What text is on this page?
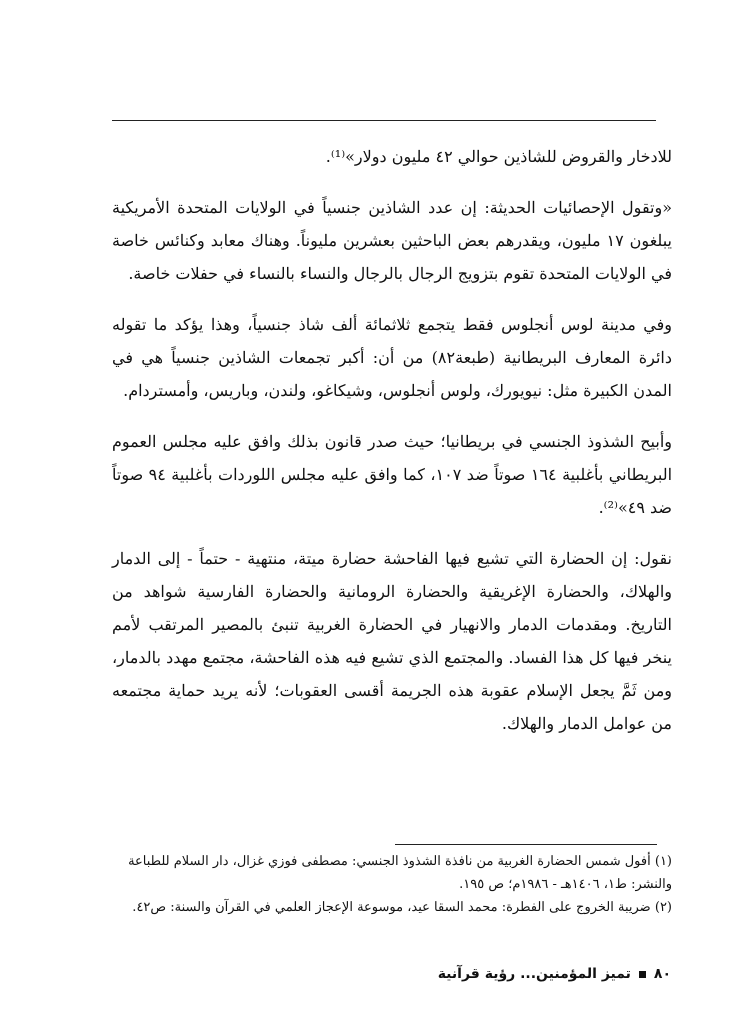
للادخار والقروض للشاذين حوالي ٤٢ مليون دولار»⁽¹⁾.

«وتقول الإحصائيات الحديثة: إن عدد الشاذين جنسياً في الولايات المتحدة الأمريكية يبلغون ١٧ مليون، ويقدرهم بعض الباحثين بعشرين مليوناً. وهناك معابد وكنائس خاصة في الولايات المتحدة تقوم بتزويج الرجال بالرجال والنساء بالنساء في حفلات خاصة.

وفي مدينة لوس أنجلوس فقط يتجمع ثلاثمائة ألف شاذ جنسياً، وهذا يؤكد ما تقوله دائرة المعارف البريطانية (طبعة٨٢) من أن: أكبر تجمعات الشاذين جنسياً هي في المدن الكبيرة مثل: نيويورك، ولوس أنجلوس، وشيكاغو، ولندن، وباريس، وأمستردام.

وأبيح الشذوذ الجنسي في بريطانيا؛ حيث صدر قانون بذلك وافق عليه مجلس العموم البريطاني بأغلبية ١٦٤ صوتاً ضد ١٠٧، كما وافق عليه مجلس اللوردات بأغلبية ٩٤ صوتاً ضد ٤٩»⁽²⁾.

نقول: إن الحضارة التي تشيع فيها الفاحشة حضارة ميتة، منتهية - حتماً - إلى الدمار والهلاك، والحضارة الإغريقية والحضارة الرومانية والحضارة الفارسية شواهد من التاريخ. ومقدمات الدمار والانهيار في الحضارة الغربية تنبئ بالمصير المرتقب لأمم ينخر فيها كل هذا الفساد. والمجتمع الذي تشيع فيه هذه الفاحشة، مجتمع مهدد بالدمار، ومن ثَمَّ يجعل الإسلام عقوبة هذه الجريمة أقسى العقوبات؛ لأنه يريد حماية مجتمعه من عوامل الدمار والهلاك.

(١) أفول شمس الحضارة الغربية من نافذة الشذوذ الجنسي: مصطفى فوزي غزال، دار السلام للطباعة والنشر: ط١، ١٤٠٦هـ - ١٩٨٦م؛ ص ١٩٥.

(٢) ضريبة الخروج على الفطرة: محمد السقا عيد، موسوعة الإعجاز العلمي في القرآن والسنة: ص٤٢.

٨٠
تميز المؤمنين... رؤية قرآنية
